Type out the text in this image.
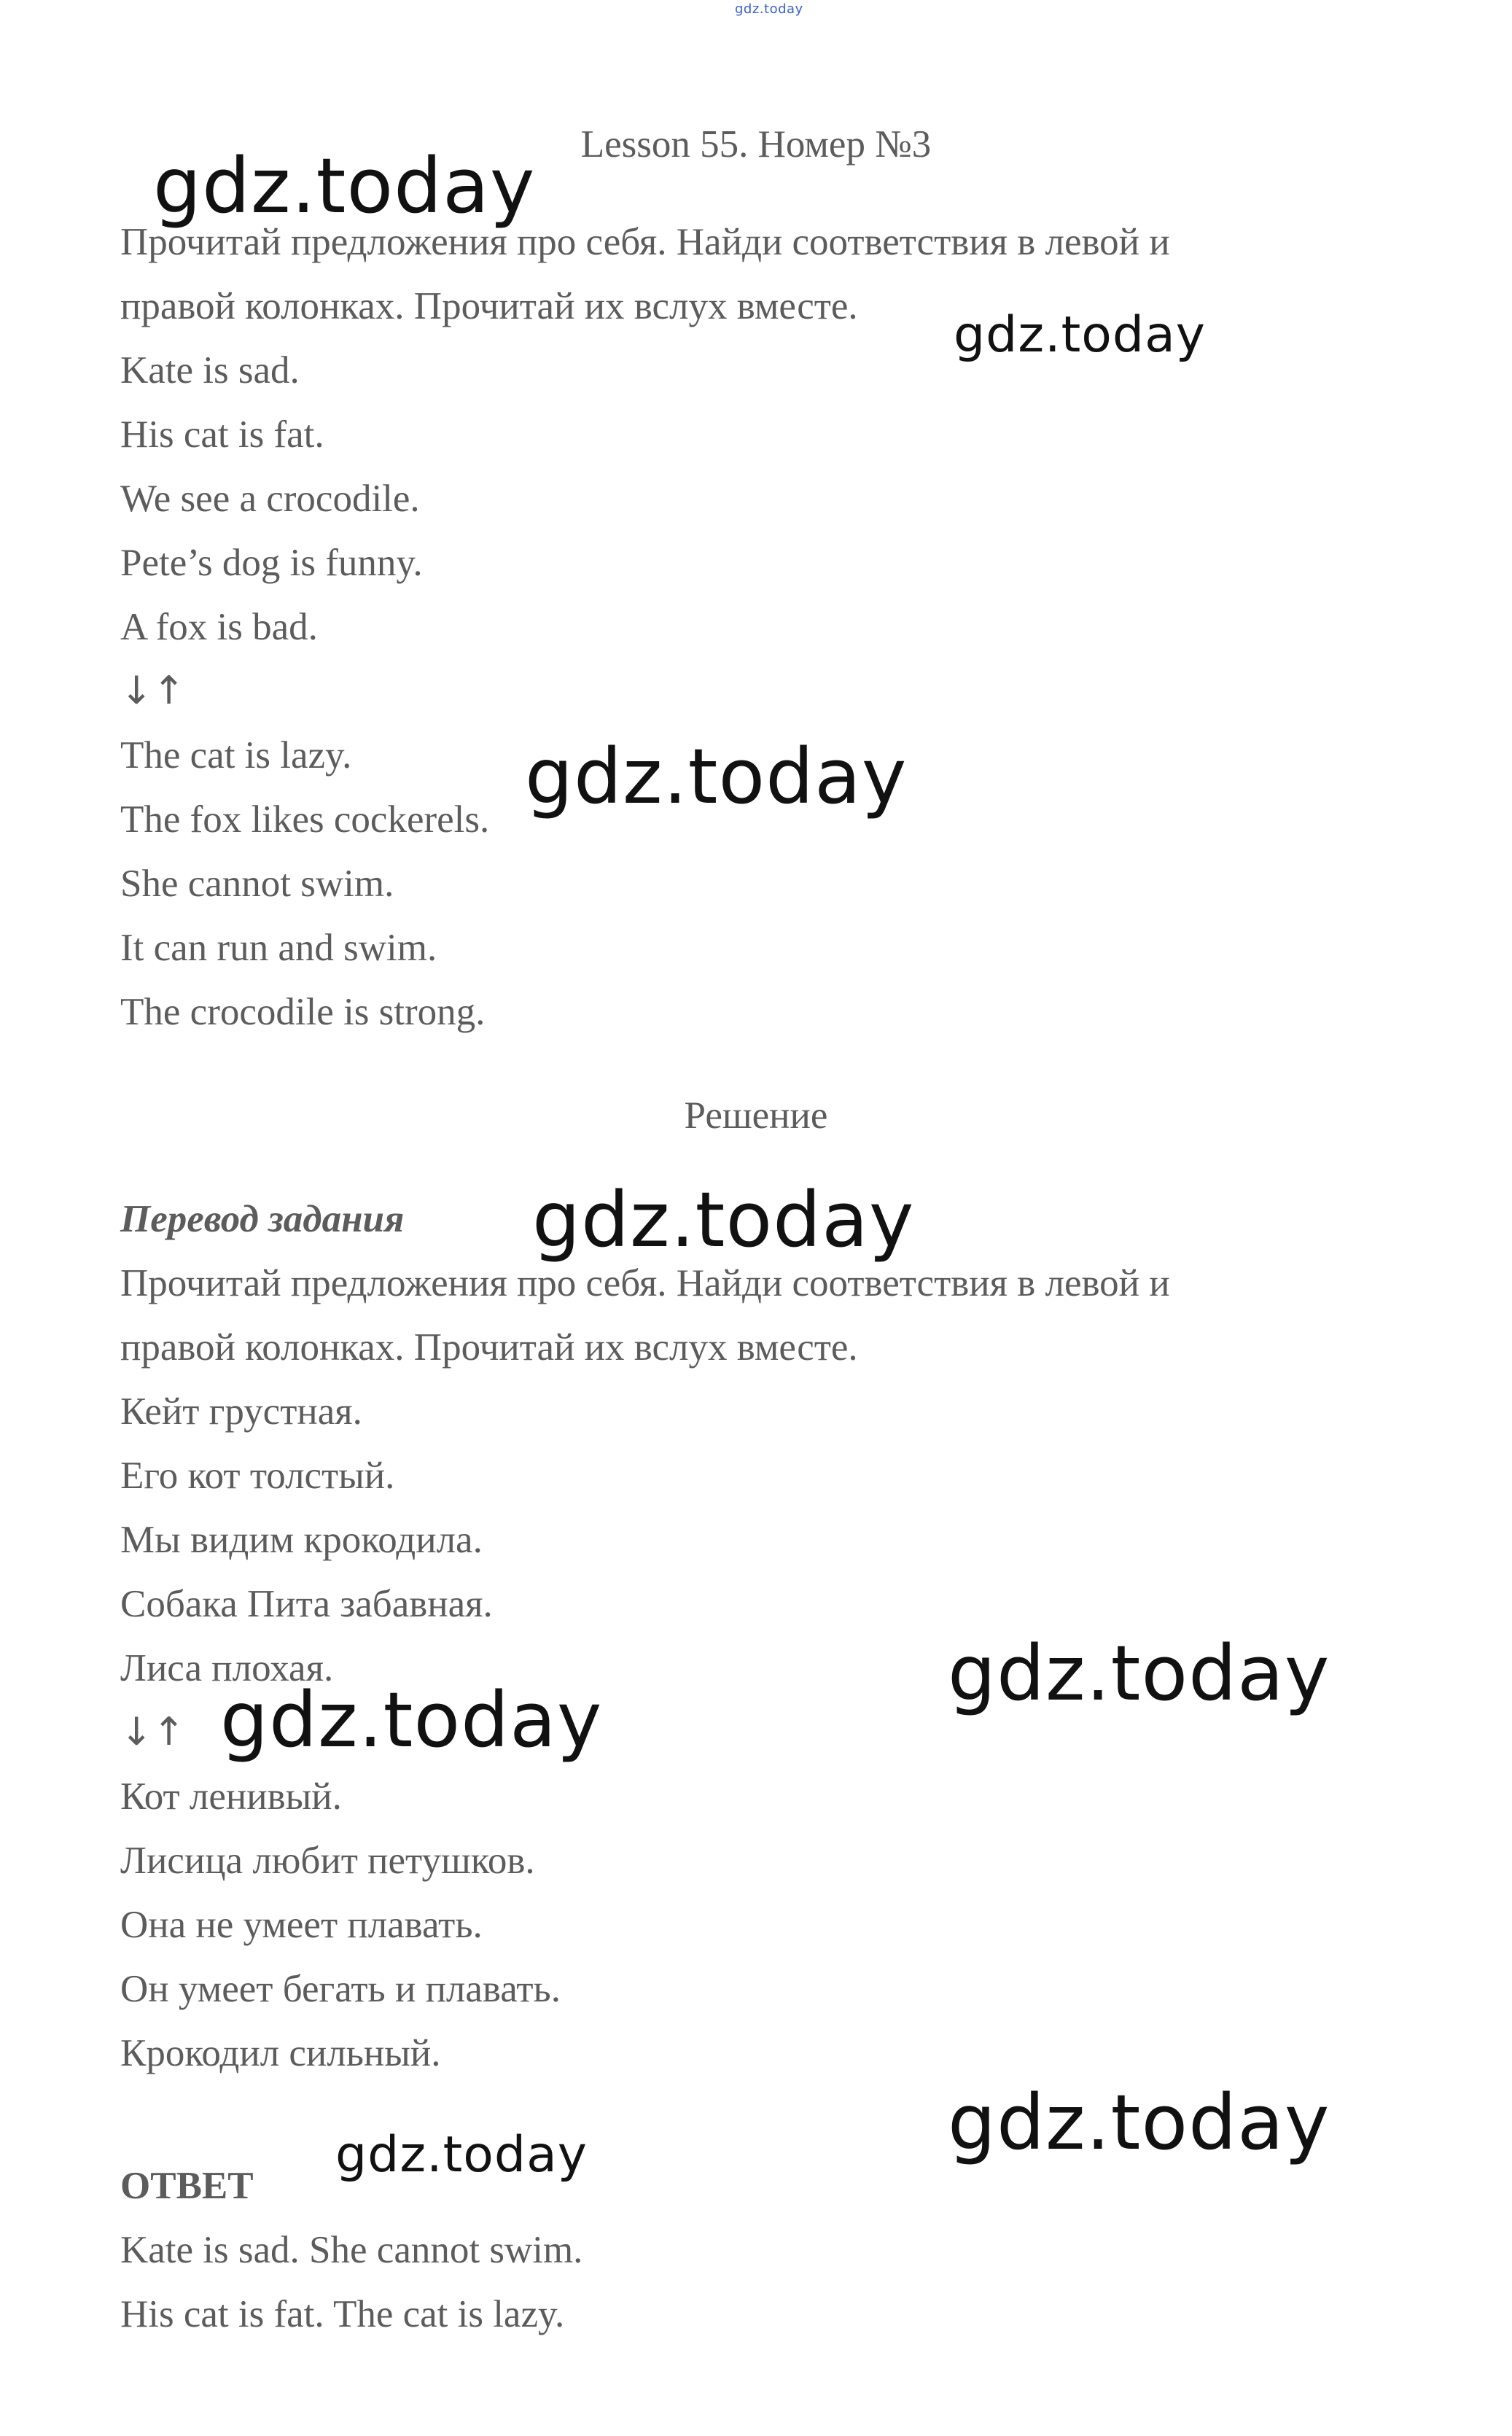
gdz.today
Lesson 55. Номер №3
Прочитай предложения про себя. Найди соответствия в левой и
правой колонках. Прочитай их вслух вместе.
Kate is sad.
His cat is fat.
We see a crocodile.
Pete’s dog is funny.
A fox is bad.
↓↑
The cat is lazy.
The fox likes cockerels.
She cannot swim.
It can run and swim.
The crocodile is strong.
Решение
Перевод задания
Прочитай предложения про себя. Найди соответствия в левой и
правой колонках. Прочитай их вслух вместе.
Кейт грустная.
Его кот толстый.
Мы видим крокодила.
Собака Пита забавная.
Лиса плохая.
↓↑
Кот ленивый.
Лисица любит петушков.
Она не умеет плавать.
Он умеет бегать и плавать.
Крокодил сильный.
ОТВЕТ
Kate is sad. She cannot swim.
His cat is fat. The cat is lazy.
gdz.today
gdz.today
gdz.today
gdz.today
gdz.today
gdz.today
gdz.today
gdz.today
